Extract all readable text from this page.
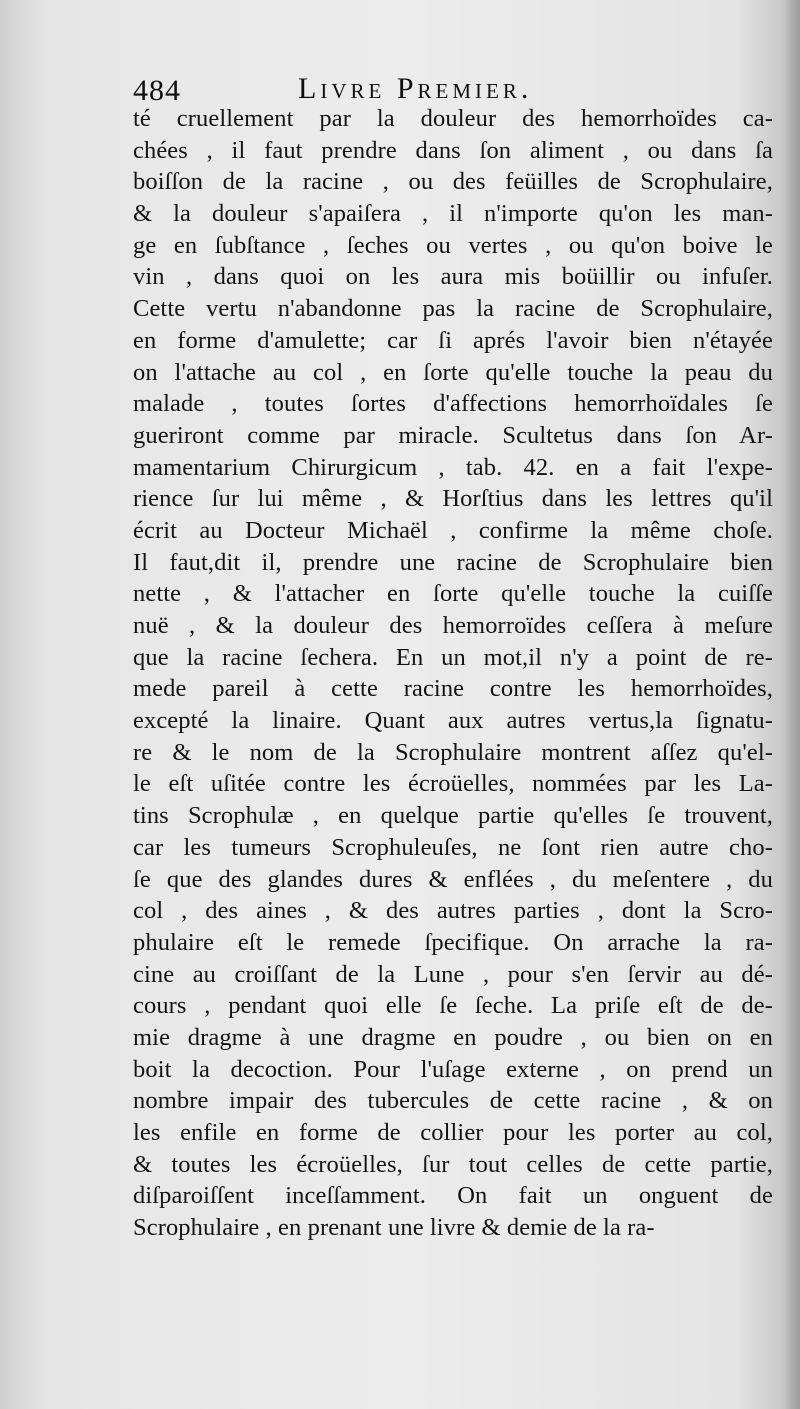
484	Livre Premier.
té cruellement par la douleur des hemorrhoïdes ca-
chées , il faut prendre dans ſon aliment , ou dans ſa
boiſſon de la racine , ou des feüilles de Scrophulaire,
& la douleur s'apaiſera , il n'importe qu'on les man-
ge en ſubſtance , ſeches ou vertes , ou qu'on boive le
vin , dans quoi on les aura mis boüillir ou infuſer.
Cette vertu n'abandonne pas la racine de Scrophulaire,
en forme d'amulette; car ſi aprés l'avoir bien n'étayée
on l'attache au col , en ſorte qu'elle touche la peau du
malade , toutes ſortes d'affections hemorrhoïdales ſe
gueriront comme par miracle. Scultetus dans ſon Ar-
mamentarium Chirurgicum , tab. 42. en a fait l'expe-
rience ſur lui même , & Horſtius dans les lettres qu'il
écrit au Docteur Michaël , confirme la même choſe.
Il faut,dit il, prendre une racine de Scrophulaire bien
nette , & l'attacher en ſorte qu'elle touche la cuiſſe
nuë , & la douleur des hemorroïdes ceſſera à meſure
que la racine ſechera. En un mot,il n'y a point de re-
mede pareil à cette racine contre les hemorrhoïdes,
excepté la linaire. Quant aux autres vertus,la ſignatu-
re & le nom de la Scrophulaire montrent aſſez qu'el-
le eſt uſitée contre les écroüelles, nommées par les La-
tins Scrophulæ , en quelque partie qu'elles ſe trouvent,
car les tumeurs Scrophuleuſes, ne ſont rien autre cho-
ſe que des glandes dures & enflées , du meſentere , du
col , des aines , & des autres parties , dont la Scro-
phulaire eſt le remede ſpecifique. On arrache la ra-
cine au croiſſant de la Lune , pour s'en ſervir au dé-
cours , pendant quoi elle ſe ſeche. La priſe eſt de de-
mie dragme à une dragme en poudre , ou bien on en
boit la decoction. Pour l'uſage externe , on prend un
nombre impair des tubercules de cette racine , & on
les enfile en forme de collier pour les porter au col,
& toutes les écroüelles, ſur tout celles de cette partie,
diſparoiſſent inceſſamment. On fait un onguent de
Scrophulaire , en prenant une livre & demie de la ra-
